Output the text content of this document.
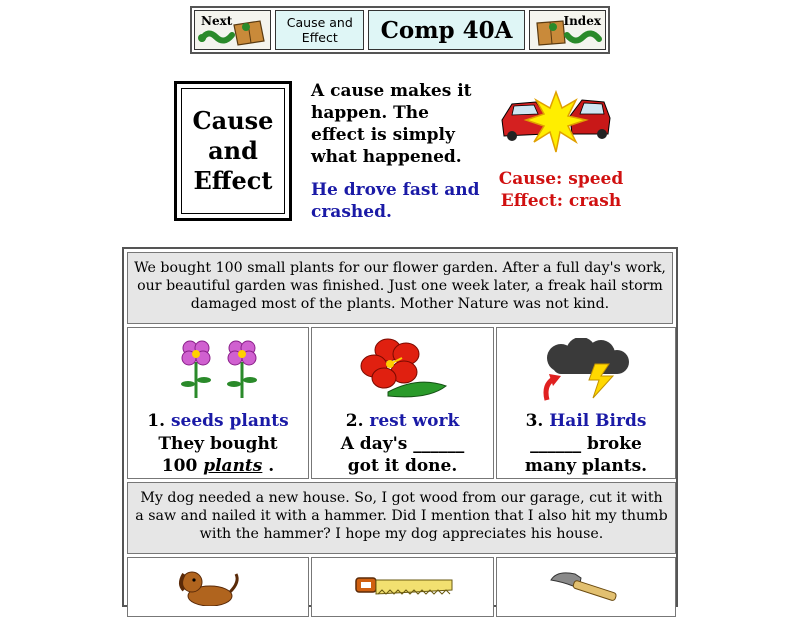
Next	Cause and Effect	Comp 40A	Index
Cause and Effect
A cause makes it happen. The effect is simply what happened.
He drove fast and crashed.
Cause: speed
Effect: crash
We bought 100 small plants for our flower garden. After a full day's work, our beautiful garden was finished. Just one week later, a freak hail storm damaged most of the plants. Mother Nature was not kind.
1. seeds plants
They bought
100 plants .
2. rest work
A day's ______
got it done.
3. Hail Birds
______ broke
many plants.
My dog needed a new house. So, I got wood from our garage, cut it with a saw and nailed it with a hammer. Did I mention that I also hit my thumb with the hammer? I hope my dog appreciates his house.
